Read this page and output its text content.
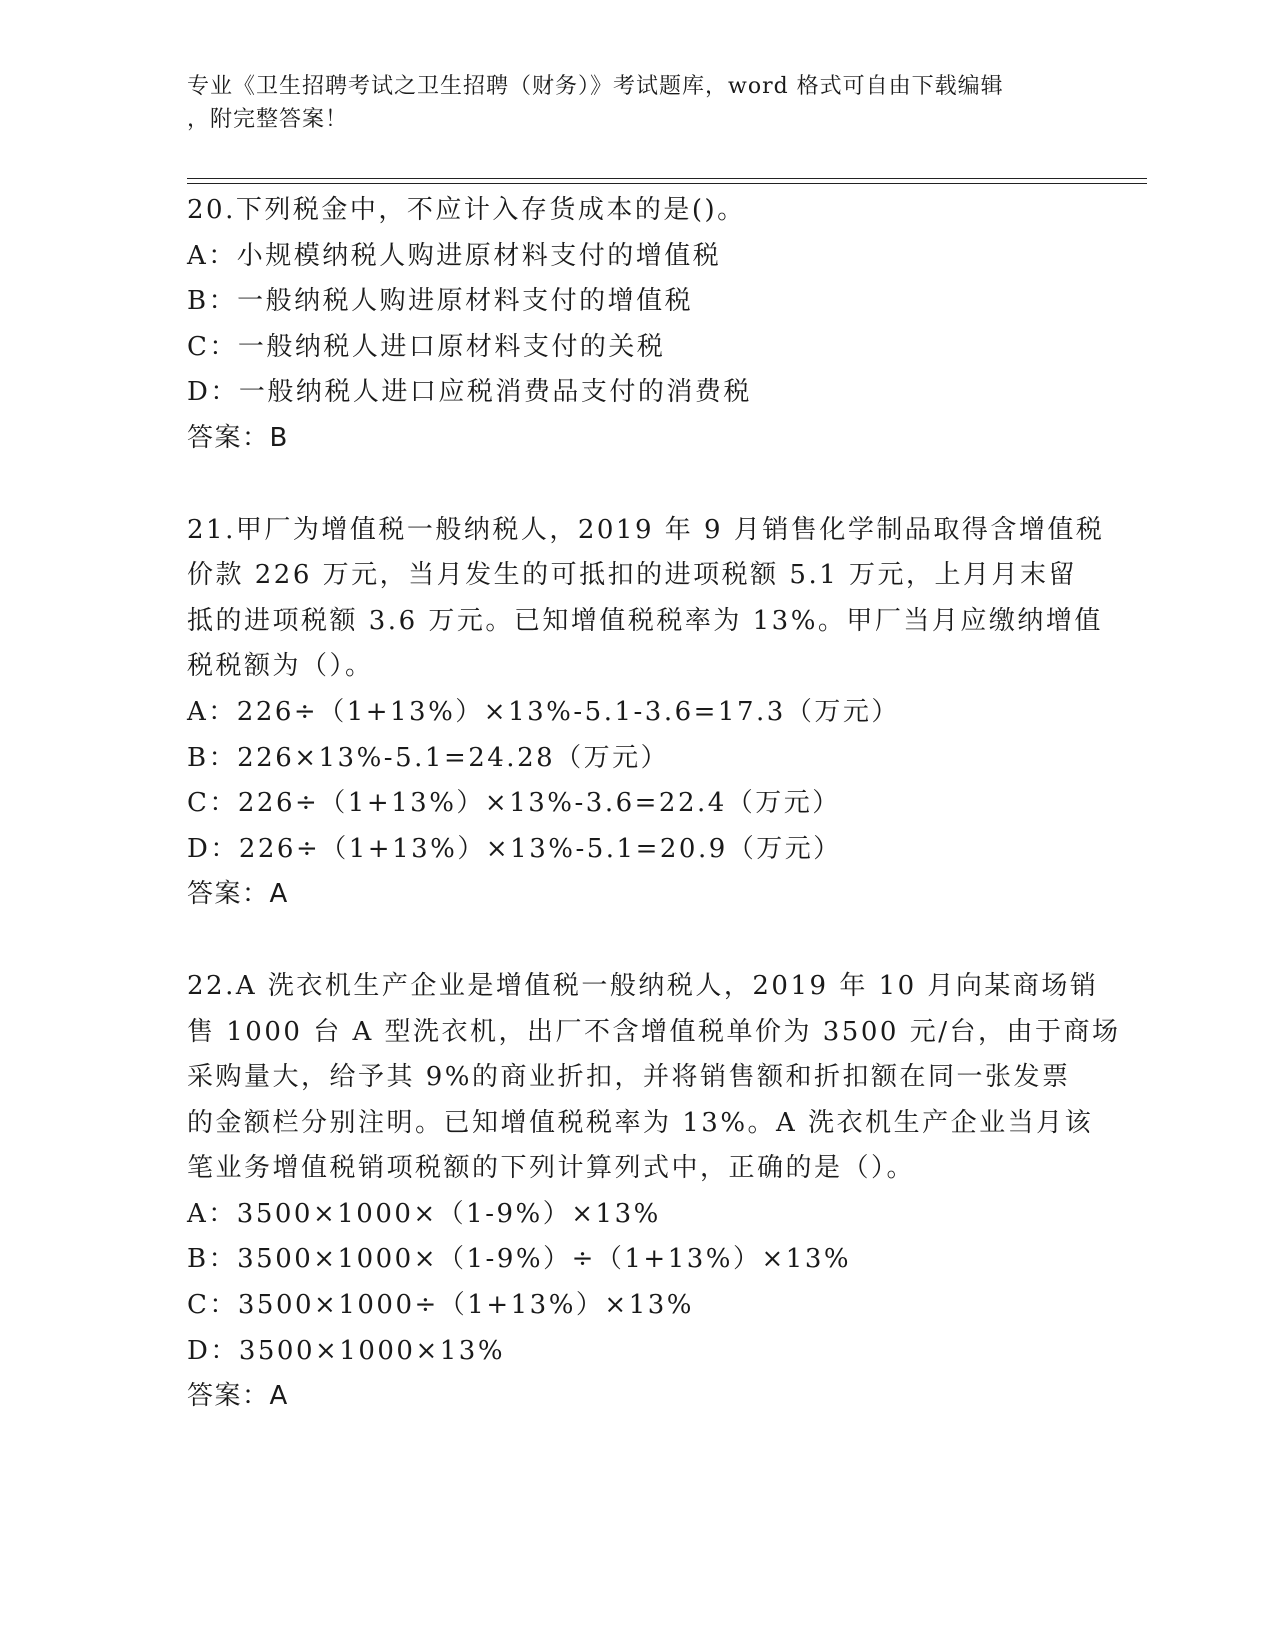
专业《卫生招聘考试之卫生招聘（财务）》考试题库，word 格式可自由下载编辑
，附完整答案！
20.下列税金中，不应计入存货成本的是()。
A：小规模纳税人购进原材料支付的增值税
B：一般纳税人购进原材料支付的增值税
C：一般纳税人进口原材料支付的关税
D：一般纳税人进口应税消费品支付的消费税
答案：B
21.甲厂为增值税一般纳税人，2019 年 9 月销售化学制品取得含增值税
价款 226 万元，当月发生的可抵扣的进项税额 5.1 万元，上月月末留
抵的进项税额 3.6 万元。已知增值税税率为 13%。甲厂当月应缴纳增值
税税额为（）。
A：226÷（1+13%）×13%-5.1-3.6=17.3（万元）
B：226×13%-5.1=24.28（万元）
C：226÷（1+13%）×13%-3.6=22.4（万元）
D：226÷（1+13%）×13%-5.1=20.9（万元）
答案：A
22.A 洗衣机生产企业是增值税一般纳税人，2019 年 10 月向某商场销
售 1000 台 A 型洗衣机，出厂不含增值税单价为 3500 元/台，由于商场
采购量大，给予其 9%的商业折扣，并将销售额和折扣额在同一张发票
的金额栏分别注明。已知增值税税率为 13%。A 洗衣机生产企业当月该
笔业务增值税销项税额的下列计算列式中，正确的是（）。
A：3500×1000×（1-9%）×13%
B：3500×1000×（1-9%）÷（1+13%）×13%
C：3500×1000÷（1+13%）×13%
D：3500×1000×13%
答案：A
